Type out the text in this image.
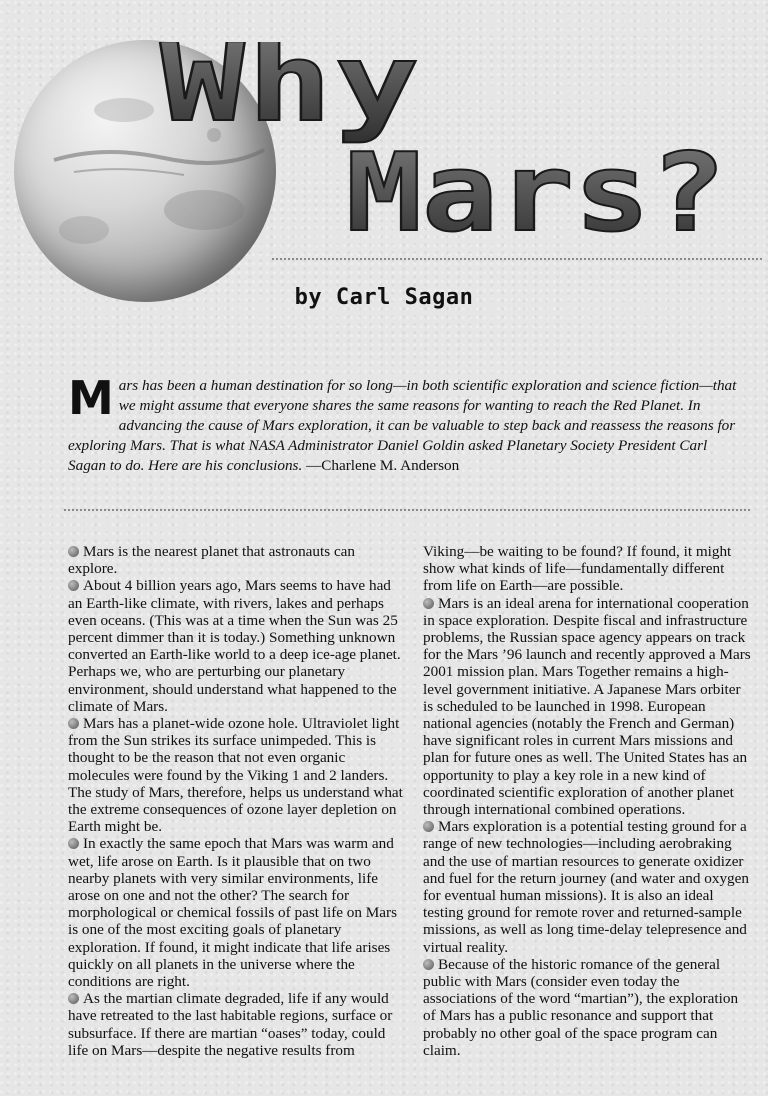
Why
Mars?
by Carl Sagan
Mars has been a human destination for so long—in both scientific exploration and science fiction—that we might assume that everyone shares the same reasons for wanting to reach the Red Planet. In advancing the cause of Mars exploration, it can be valuable to step back and reassess the reasons for exploring Mars. That is what NASA Administrator Daniel Goldin asked Planetary Society President Carl Sagan to do. Here are his conclusions. —Charlene M. Anderson

Mars is the nearest planet that astronauts can explore.

About 4 billion years ago, Mars seems to have had an Earth-like climate, with rivers, lakes and perhaps even oceans. (This was at a time when the Sun was 25 percent dimmer than it is today.) Something unknown converted an Earth-like world to a deep ice-age planet. Perhaps we, who are perturbing our planetary environment, should understand what happened to the climate of Mars.

Mars has a planet-wide ozone hole. Ultraviolet light from the Sun strikes its surface unimpeded. This is thought to be the reason that not even organic molecules were found by the Viking 1 and 2 landers. The study of Mars, therefore, helps us understand what the extreme consequences of ozone layer depletion on Earth might be.

In exactly the same epoch that Mars was warm and wet, life arose on Earth. Is it plausible that on two nearby planets with very similar environments, life arose on one and not the other? The search for morphological or chemical fossils of past life on Mars is one of the most exciting goals of planetary exploration. If found, it might indicate that life arises quickly on all planets in the universe where the conditions are right.

As the martian climate degraded, life if any would have retreated to the last habitable regions, surface or subsurface. If there are martian “oases” today, could life on Mars—despite the negative results from

Viking—be waiting to be found? If found, it might show what kinds of life—fundamentally different from life on Earth—are possible.

Mars is an ideal arena for international cooperation in space exploration. Despite fiscal and infrastructure problems, the Russian space agency appears on track for the Mars ’96 launch and recently approved a Mars 2001 mission plan. Mars Together remains a high-level government initiative. A Japanese Mars orbiter is scheduled to be launched in 1998. European national agencies (notably the French and German) have significant roles in current Mars missions and plan for future ones as well. The United States has an opportunity to play a key role in a new kind of coordinated scientific exploration of another planet through international combined operations.

Mars exploration is a potential testing ground for a range of new technologies—including aerobraking and the use of martian resources to generate oxidizer and fuel for the return journey (and water and oxygen for eventual human missions). It is also an ideal testing ground for remote rover and returned-sample missions, as well as long time-delay telepresence and virtual reality.

Because of the historic romance of the general public with Mars (consider even today the associations of the word “martian”), the exploration of Mars has a public resonance and support that probably no other goal of the space program can claim.
